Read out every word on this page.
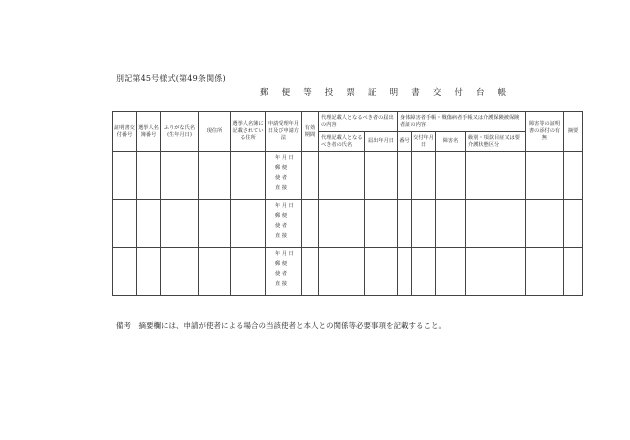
別記第45号様式(第49条関係)
郵 便 等 投 票 証 明 書 交 付 台 帳
証明書交付番号	選挙人名簿番号	ふりがな氏名(生年月日)	現住所	選挙人名簿に記載されている住所	申請受理年月日及び申請方法	有効期間	代理記載人となるべき者の届出の内容		身体障害者手帳・戦傷病者手帳又は介護保険被保険者証の内容				障害等の証明書の添付の有無	摘要
							代理記載人となるべき者の氏名	届出年月日	番号	交付年月日	障害名	級別・項款目症又は要介護状態区分		

					年 月 日
郵 便
使 者
直 接									

					年 月 日
郵 便
使 者
直 接									

					年 月 日
郵 便
使 者
直 接									

備考　摘要欄には、申請が使者による場合の当該使者と本人との関係等必要事項を記載すること。
